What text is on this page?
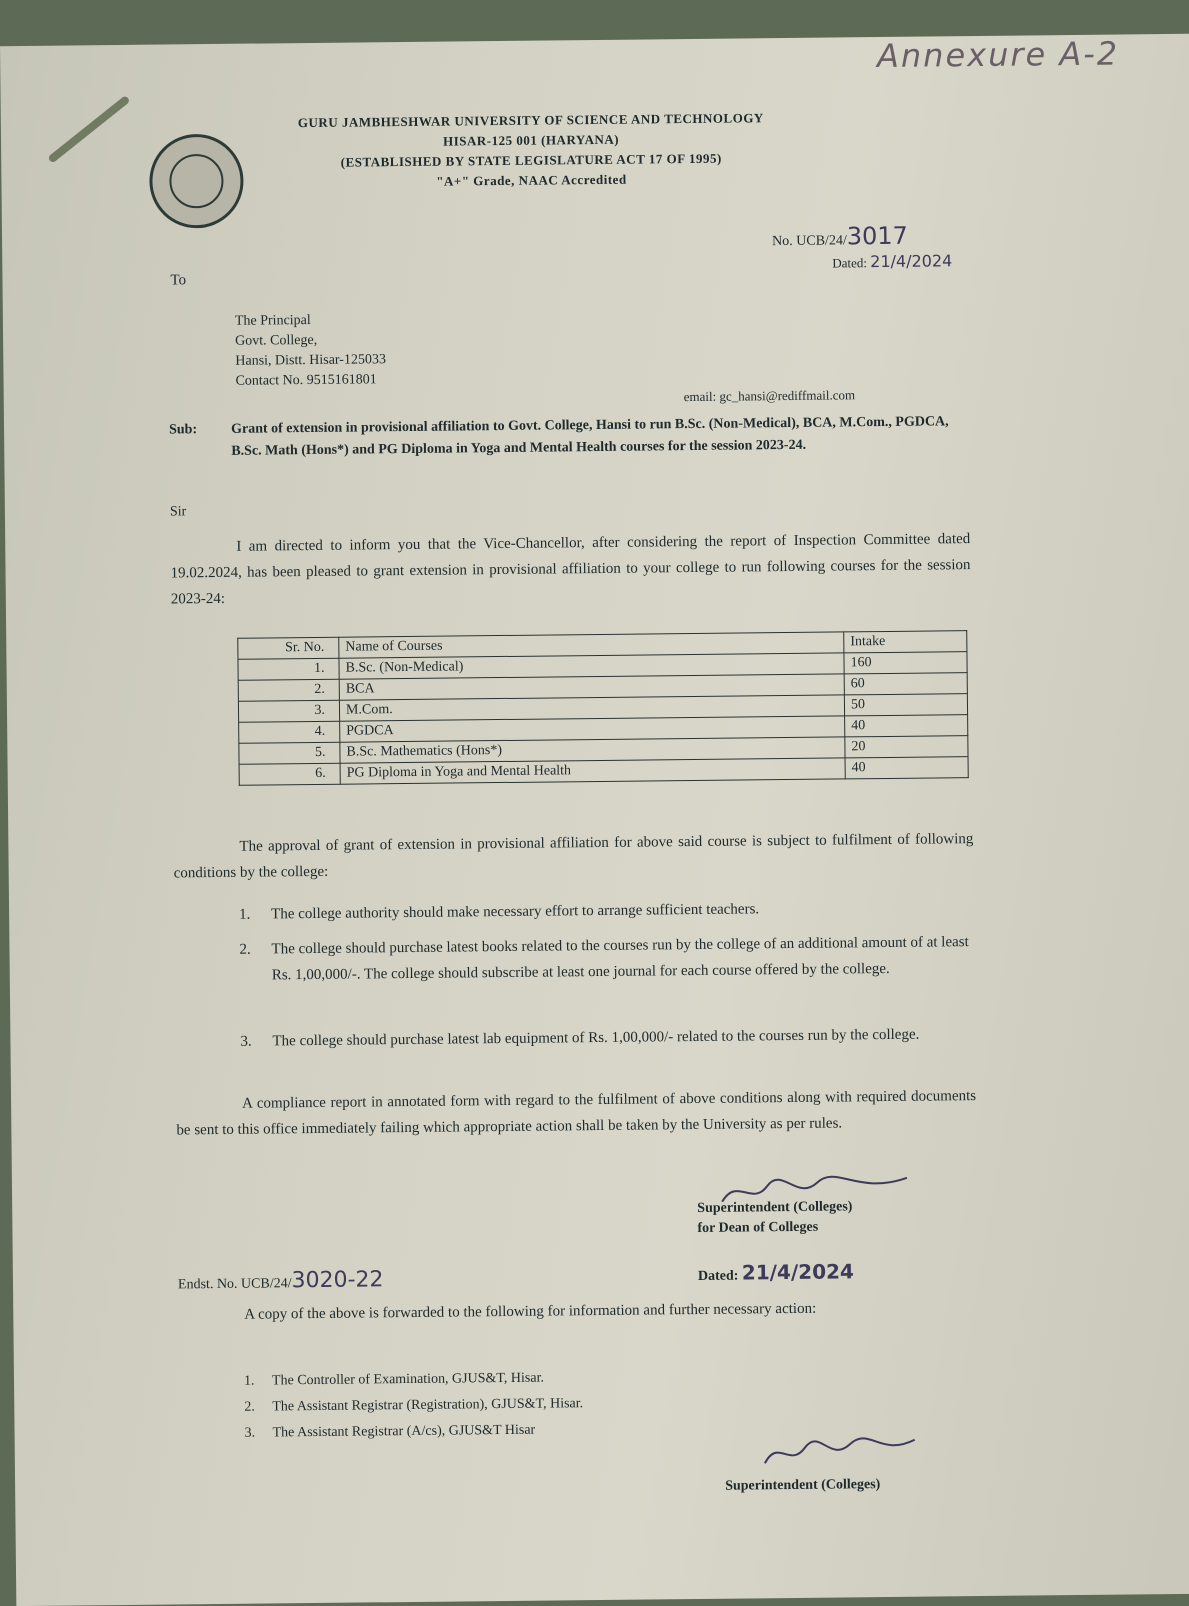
Annexure A-2
GURU JAMBHESHWAR UNIVERSITY OF SCIENCE AND TECHNOLOGY
HISAR-125 001 (HARYANA)
(ESTABLISHED BY STATE LEGISLATURE ACT 17 OF 1995)
"A+" Grade, NAAC Accredited
No. UCB/24/3017
Dated: 21/4/2024
To
The Principal
Govt. College,
Hansi, Distt. Hisar-125033
Contact No. 9515161801
email: gc_hansi@rediffmail.com
Sub: Grant of extension in provisional affiliation to Govt. College, Hansi to run B.Sc. (Non-Medical), BCA, M.Com., PGDCA, B.Sc. Math (Hons*) and PG Diploma in Yoga and Mental Health courses for the session 2023-24.
Sir
I am directed to inform you that the Vice-Chancellor, after considering the report of Inspection Committee dated 19.02.2024, has been pleased to grant extension in provisional affiliation to your college to run following courses for the session 2023-24:
Sr. No.	Name of Courses	Intake
1.	B.Sc. (Non-Medical)	160
2.	BCA	60
3.	M.Com.	50
4.	PGDCA	40
5.	B.Sc. Mathematics (Hons*)	20
6.	PG Diploma in Yoga and Mental Health	40
The approval of grant of extension in provisional affiliation for above said course is subject to fulfilment of following conditions by the college:
1. The college authority should make necessary effort to arrange sufficient teachers.
2. The college should purchase latest books related to the courses run by the college of an additional amount of at least Rs. 1,00,000/-. The college should subscribe at least one journal for each course offered by the college.
3. The college should purchase latest lab equipment of Rs. 1,00,000/- related to the courses run by the college.
A compliance report in annotated form with regard to the fulfilment of above conditions along with required documents be sent to this office immediately failing which appropriate action shall be taken by the University as per rules.
Superintendent (Colleges)
for Dean of Colleges
Endst. No. UCB/24/3020-22	Dated: 21/4/2024
A copy of the above is forwarded to the following for information and further necessary action:
1. The Controller of Examination, GJUS&T, Hisar.
2. The Assistant Registrar (Registration), GJUS&T, Hisar.
3. The Assistant Registrar (A/cs), GJUS&T Hisar
Superintendent (Colleges)
